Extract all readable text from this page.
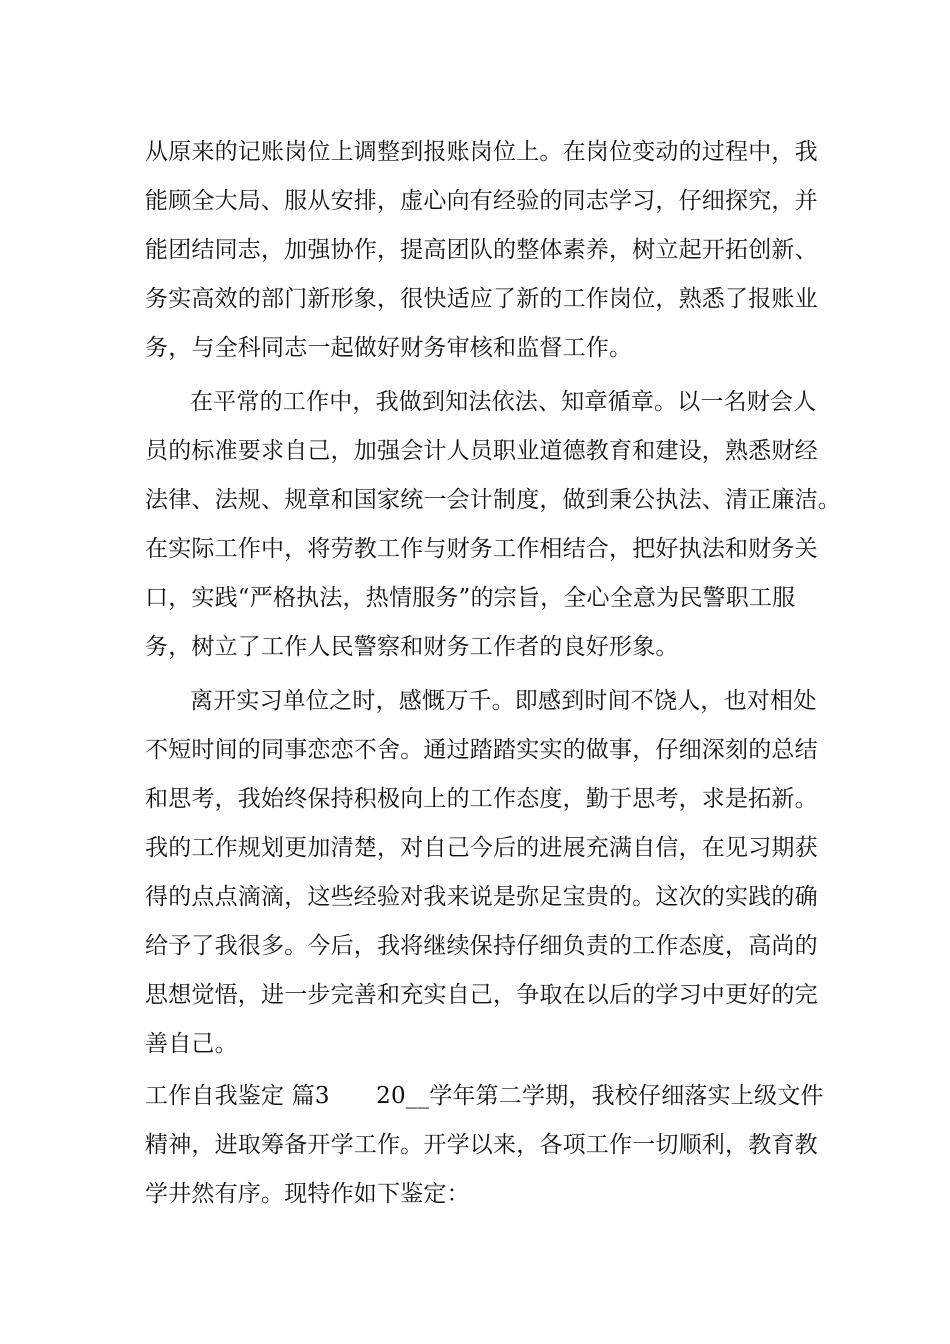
从原来的记账岗位上调整到报账岗位上。在岗位变动的过程中，我
能顾全大局、服从安排，虚心向有经验的同志学习，仔细探究，并
能团结同志，加强协作，提高团队的整体素养，树立起开拓创新、
务实高效的部门新形象，很快适应了新的工作岗位，熟悉了报账业
务，与全科同志一起做好财务审核和监督工作。
在平常的工作中，我做到知法依法、知章循章。以一名财会人
员的标准要求自己，加强会计人员职业道德教育和建设，熟悉财经
法律、法规、规章和国家统一会计制度，做到秉公执法、清正廉洁。
在实际工作中，将劳教工作与财务工作相结合，把好执法和财务关
口，实践“严格执法，热情服务”的宗旨，全心全意为民警职工服
务，树立了工作人民警察和财务工作者的良好形象。
离开实习单位之时，感慨万千。即感到时间不饶人，也对相处
不短时间的同事恋恋不舍。通过踏踏实实的做事，仔细深刻的总结
和思考，我始终保持积极向上的工作态度，勤于思考，求是拓新。
我的工作规划更加清楚，对自己今后的进展充满自信，在见习期获
得的点点滴滴，这些经验对我来说是弥足宝贵的。这次的实践的确
给予了我很多。今后，我将继续保持仔细负责的工作态度，高尚的
思想觉悟，进一步完善和充实自己，争取在以后的学习中更好的完
善自己。
工作自我鉴定 篇3　　20__学年第二学期，我校仔细落实上级文件
精神，进取筹备开学工作。开学以来，各项工作一切顺利，教育教
学井然有序。现特作如下鉴定：
